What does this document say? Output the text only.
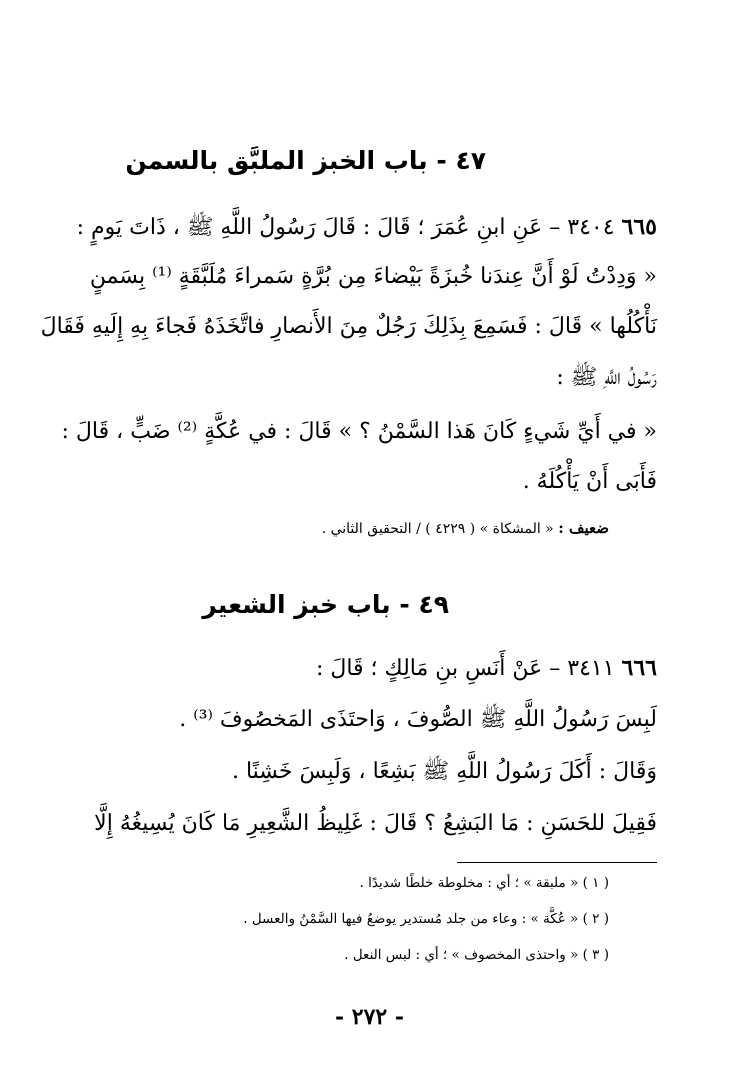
٤٧ - باب الخبز الملبَّق بالسمن
٦٦٥ ٣٤٠٤ – عَنِ ابنِ عُمَرَ ؛ قَالَ : قَالَ رَسُولُ اللَّهِ ﷺ ، ذَاتَ يَومٍ :
« وَدِدْتُ لَوْ أَنَّ عِندَنا خُبزَةً بَيْضاءَ مِن بُرَّةٍ سَمراءَ مُلَبَّقَةٍ ⁽¹⁾ بِسَمنٍ
نَأْكُلُها » قَالَ : فَسَمِعَ بِذَلِكَ رَجُلٌ مِنَ الأَنصارِ فاتَّخَذَهُ فَجاءَ بِهِ إِلَيهِ فَقَالَ
رَسُولُ اللَّهِ ﷺ :
« في أَيِّ شَيءٍ كَانَ هَذا السَّمْنُ ؟ » قَالَ : في عُكَّةٍ ⁽²⁾ ضَبٍّ ، قَالَ :
فَأَبَى أَنْ يَأْكُلَهُ .
ضعيف : « المشكاة » ( ٤٢٢٩ ) / التحقيق الثاني .
٤٩ - باب خبز الشعير
٦٦٦ ٣٤١١ – عَنْ أَنَسِ بنِ مَالِكٍ ؛ قَالَ :
لَبِسَ رَسُولُ اللَّهِ ﷺ الصُّوفَ ، وَاحتَذَى المَخصُوفَ ⁽³⁾ .
وَقَالَ : أَكَلَ رَسُولُ اللَّهِ ﷺ بَشِعًا ، وَلَبِسَ خَشِنًا .
فَقِيلَ للحَسَنِ : مَا البَشِعُ ؟ قَالَ : غَلِيظُ الشَّعِيرِ مَا كَانَ يُسِيغُهُ إِلَّا
( ١ ) « ملبقة » ؛ أي : مخلوطة خلطًا شديدًا .
( ٢ ) « عُكَّة » : وعاء من جلد مُستدير يوضعُ فيها السَّمْنُ والعسل .
( ٣ ) « واحتذى المخصوف » ؛ أي : لبس النعل .
- ٢٧٢ -
